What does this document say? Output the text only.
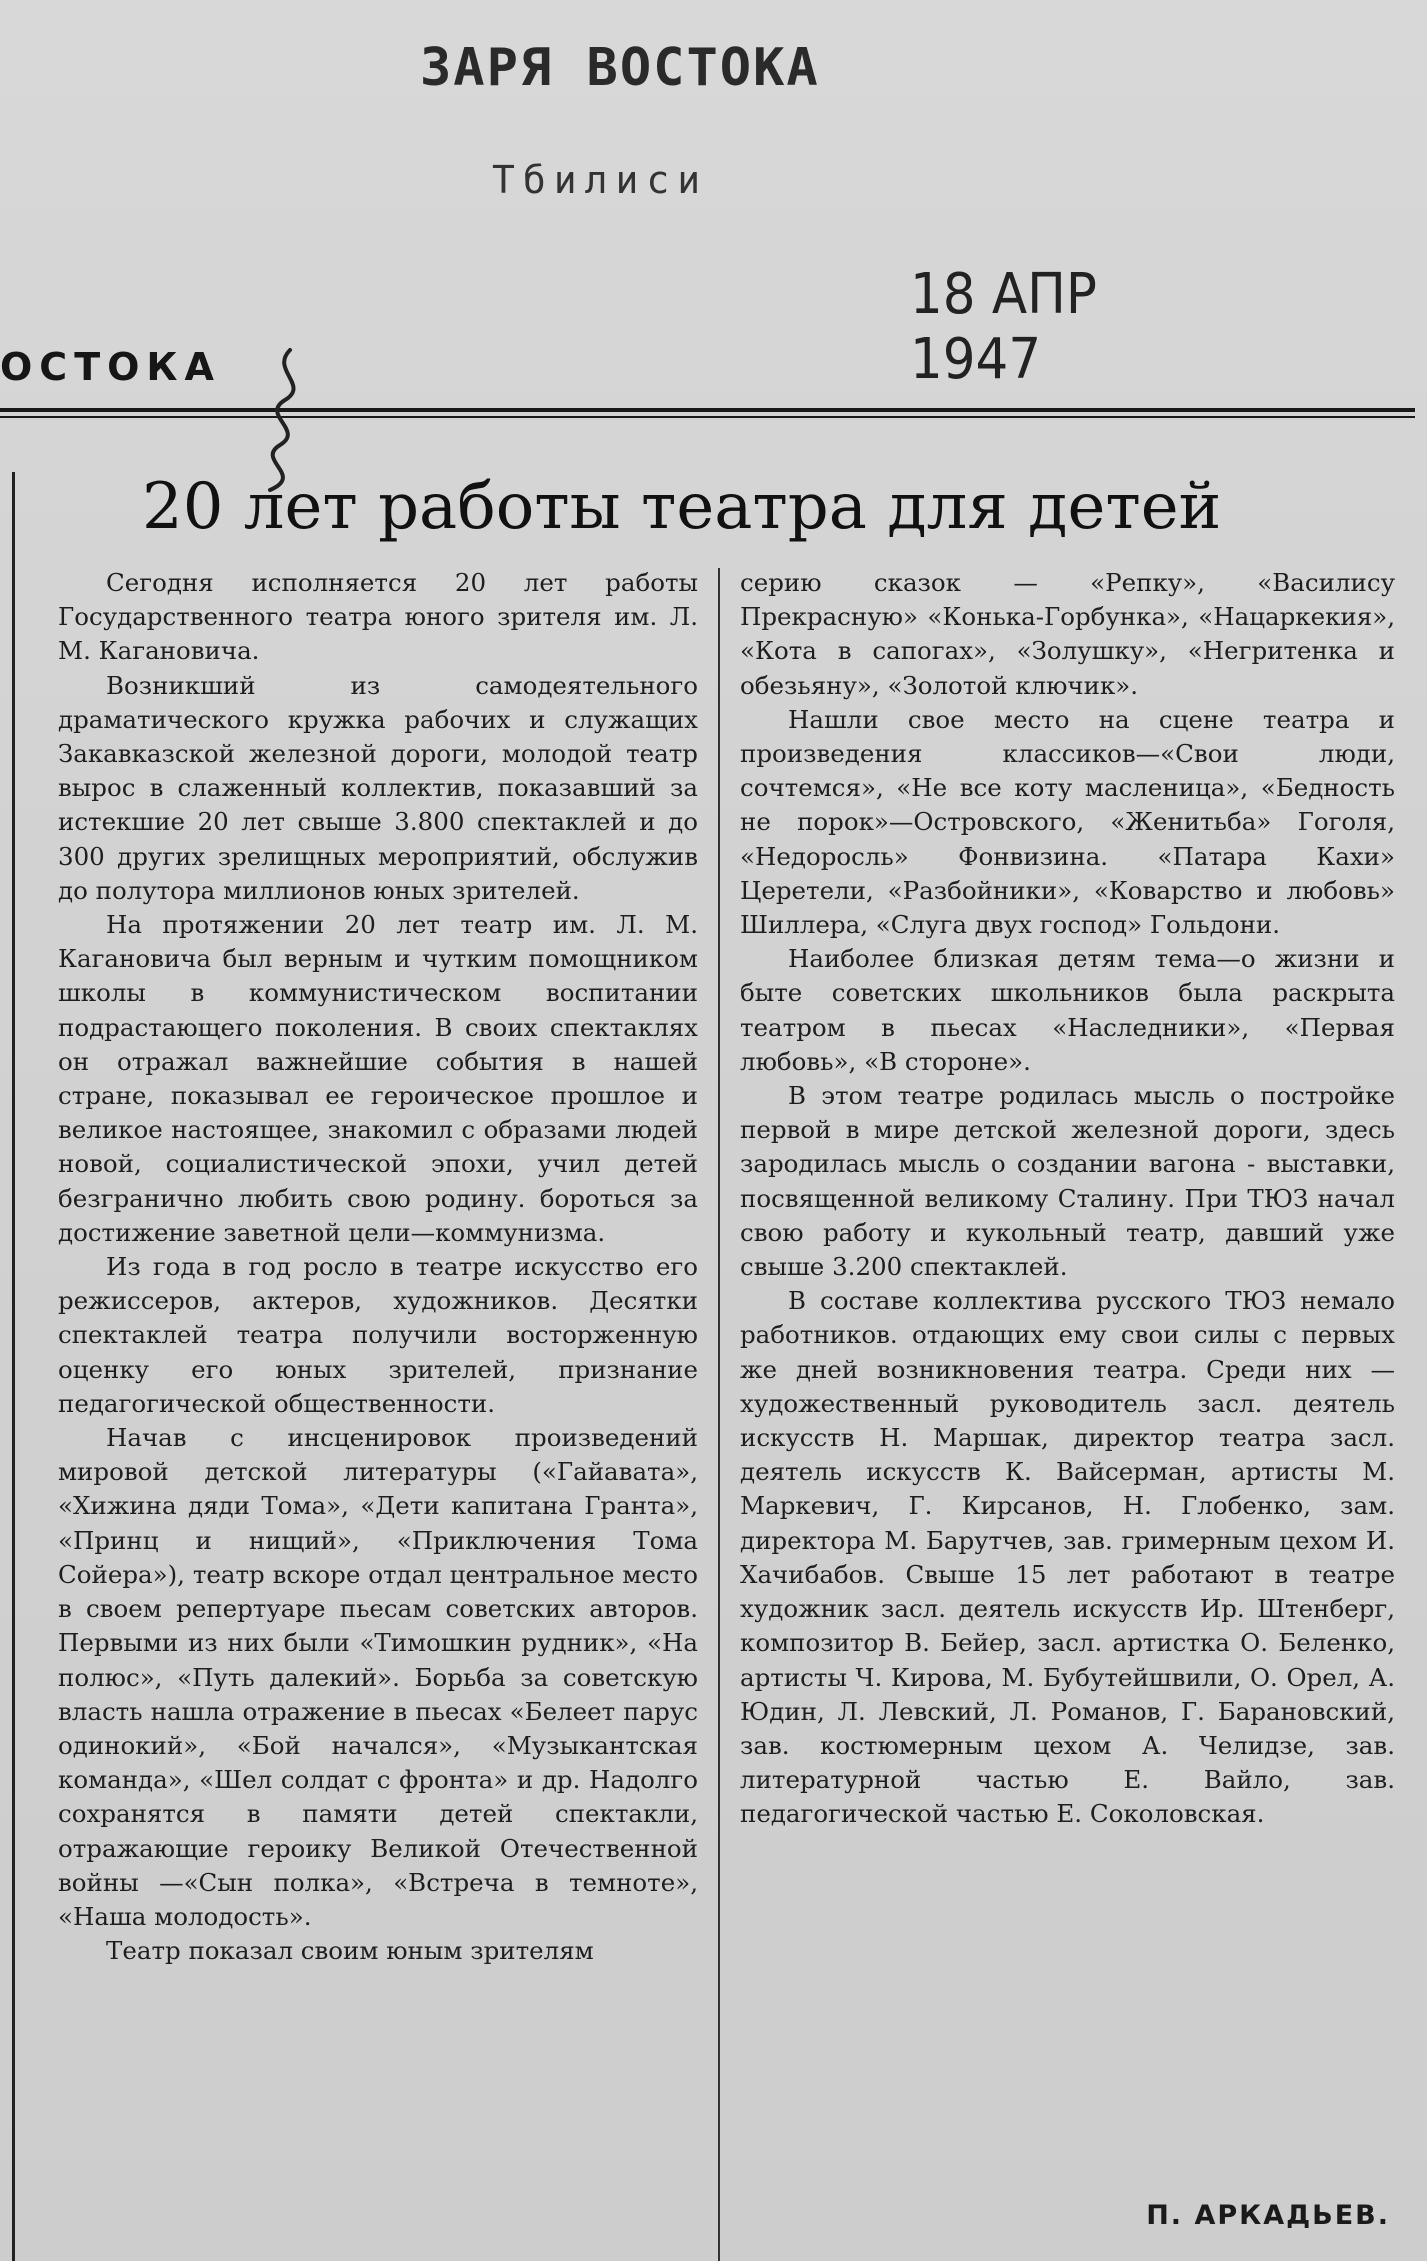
ЗАРЯ ВОСТОКА
Тбилиси
18 АПР 1947
ОСТОКА
20 лет работы театра для детей

Сегодня исполняется 20 лет работы Государственного театра юного зрителя им. Л. М. Кагановича.

Возникший из самодеятельного драматического кружка рабочих и служащих Закавказской железной дороги, молодой театр вырос в слаженный коллектив, показавший за истекшие 20 лет свыше 3.800 спектаклей и до 300 других зрелищных мероприятий, обслужив до полутора миллионов юных зрителей.

На протяжении 20 лет театр им. Л. М. Кагановича был верным и чутким помощником школы в коммунистическом воспитании подрастающего поколения. В своих спектаклях он отражал важнейшие события в нашей стране, показывал ее героическое прошлое и великое настоящее, знакомил с образами людей новой, социалистической эпохи, учил детей безгранично любить свою родину. бороться за достижение заветной цели—коммунизма.

Из года в год росло в театре искусство его режиссеров, актеров, художников. Десятки спектаклей театра получили восторженную оценку его юных зрителей, признание педагогической общественности.

Начав с инсценировок произведений мировой детской литературы («Гайавата», «Хижина дяди Тома», «Дети капитана Гранта», «Принц и нищий», «Приключения Тома Сойера»), театр вскоре отдал центральное место в своем репертуаре пьесам советских авторов. Первыми из них были «Тимошкин рудник», «На полюс», «Путь далекий». Борьба за советскую власть нашла отражение в пьесах «Белеет парус одинокий», «Бой начался», «Музыкантская команда», «Шел солдат с фронта» и др. Надолго сохранятся в памяти детей спектакли, отражающие героику Великой Отечественной войны —«Сын полка», «Встреча в темноте», «Наша молодость».

Театр показал своим юным зрителям

серию сказок — «Репку», «Василису Прекрасную» «Конька-Горбунка», «Нацаркекия», «Кота в сапогах», «Золушку», «Негритенка и обезьяну», «Золотой ключик».

Нашли свое место на сцене театра и произведения классиков—«Свои люди, сочтемся», «Не все коту масленица», «Бедность не порок»—Островского, «Женитьба» Гоголя, «Недоросль» Фонвизина. «Патара Кахи» Церетели, «Разбойники», «Коварство и любовь» Шиллера, «Слуга двух господ» Гольдони.

Наиболее близкая детям тема—о жизни и быте советских школьников была раскрыта театром в пьесах «Наследники», «Первая любовь», «В стороне».

В этом театре родилась мысль о постройке первой в мире детской железной дороги, здесь зародилась мысль о создании вагона - выставки, посвященной великому Сталину. При ТЮЗ начал свою работу и кукольный театр, давший уже свыше 3.200 спектаклей.

В составе коллектива русского ТЮЗ немало работников. отдающих ему свои силы с первых же дней возникновения театра. Среди них — художественный руководитель засл. деятель искусств Н. Маршак, директор театра засл. деятель искусств К. Вайсерман, артисты М. Маркевич, Г. Кирсанов, Н. Глобенко, зам. директора М. Барутчев, зав. гримерным цехом И. Хачибабов. Свыше 15 лет работают в театре художник засл. деятель искусств Ир. Штенберг, композитор В. Бейер, засл. артистка О. Беленко, артисты Ч. Кирова, М. Бубутейшвили, О. Орел, А. Юдин, Л. Левский, Л. Романов, Г. Барановский, зав. костюмерным цехом А. Челидзе, зав. литературной частью Е. Вайло, зав. педагогической частью Е. Соколовская.

П. АРКАДЬЕВ.
